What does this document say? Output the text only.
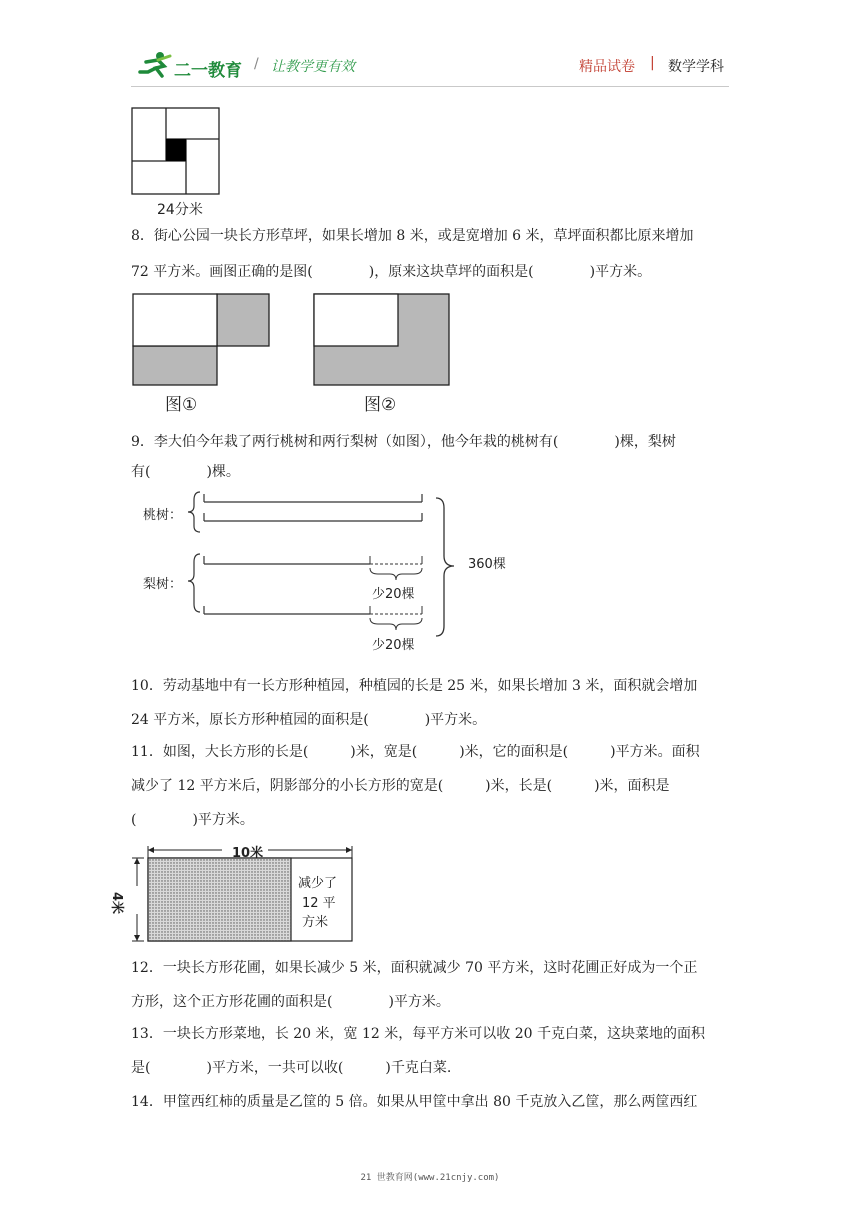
二一教育 / 让教学更有效	精品试卷 | 数学学科
24分米
8．街心公园一块长方形草坪，如果长增加 8 米，或是宽增加 6 米，草坪面积都比原来增加
72 平方米。画图正确的是图(　　　　)，原来这块草坪的面积是(　　　　)平方米。
图①	图②
9．李大伯今年栽了两行桃树和两行梨树（如图），他今年栽的桃树有(　　　　)棵，梨树
有(　　　　)棵。
桃树：
梨树：
少20棵
少20棵
360棵
10．劳动基地中有一长方形种植园，种植园的长是 25 米，如果长增加 3 米，面积就会增加
24 平方米，原长方形种植园的面积是(　　　　)平方米。
11．如图，大长方形的长是(　　　)米，宽是(　　　)米，它的面积是(　　　)平方米。面积
减少了 12 平方米后，阴影部分的小长方形的宽是(　　　)米，长是(　　　)米，面积是
(　　　　)平方米。
10米
4米
减少了
12 平
方米
12．一块长方形花圃，如果长减少 5 米，面积就减少 70 平方米，这时花圃正好成为一个正
方形，这个正方形花圃的面积是(　　　　)平方米。
13．一块长方形菜地，长 20 米，宽 12 米，每平方米可以收 20 千克白菜，这块菜地的面积
是(　　　　)平方米，一共可以收(　　　)千克白菜.
14．甲筐西红柿的质量是乙筐的 5 倍。如果从甲筐中拿出 80 千克放入乙筐，那么两筐西红
21 世教育网(www.21cnjy.com)
